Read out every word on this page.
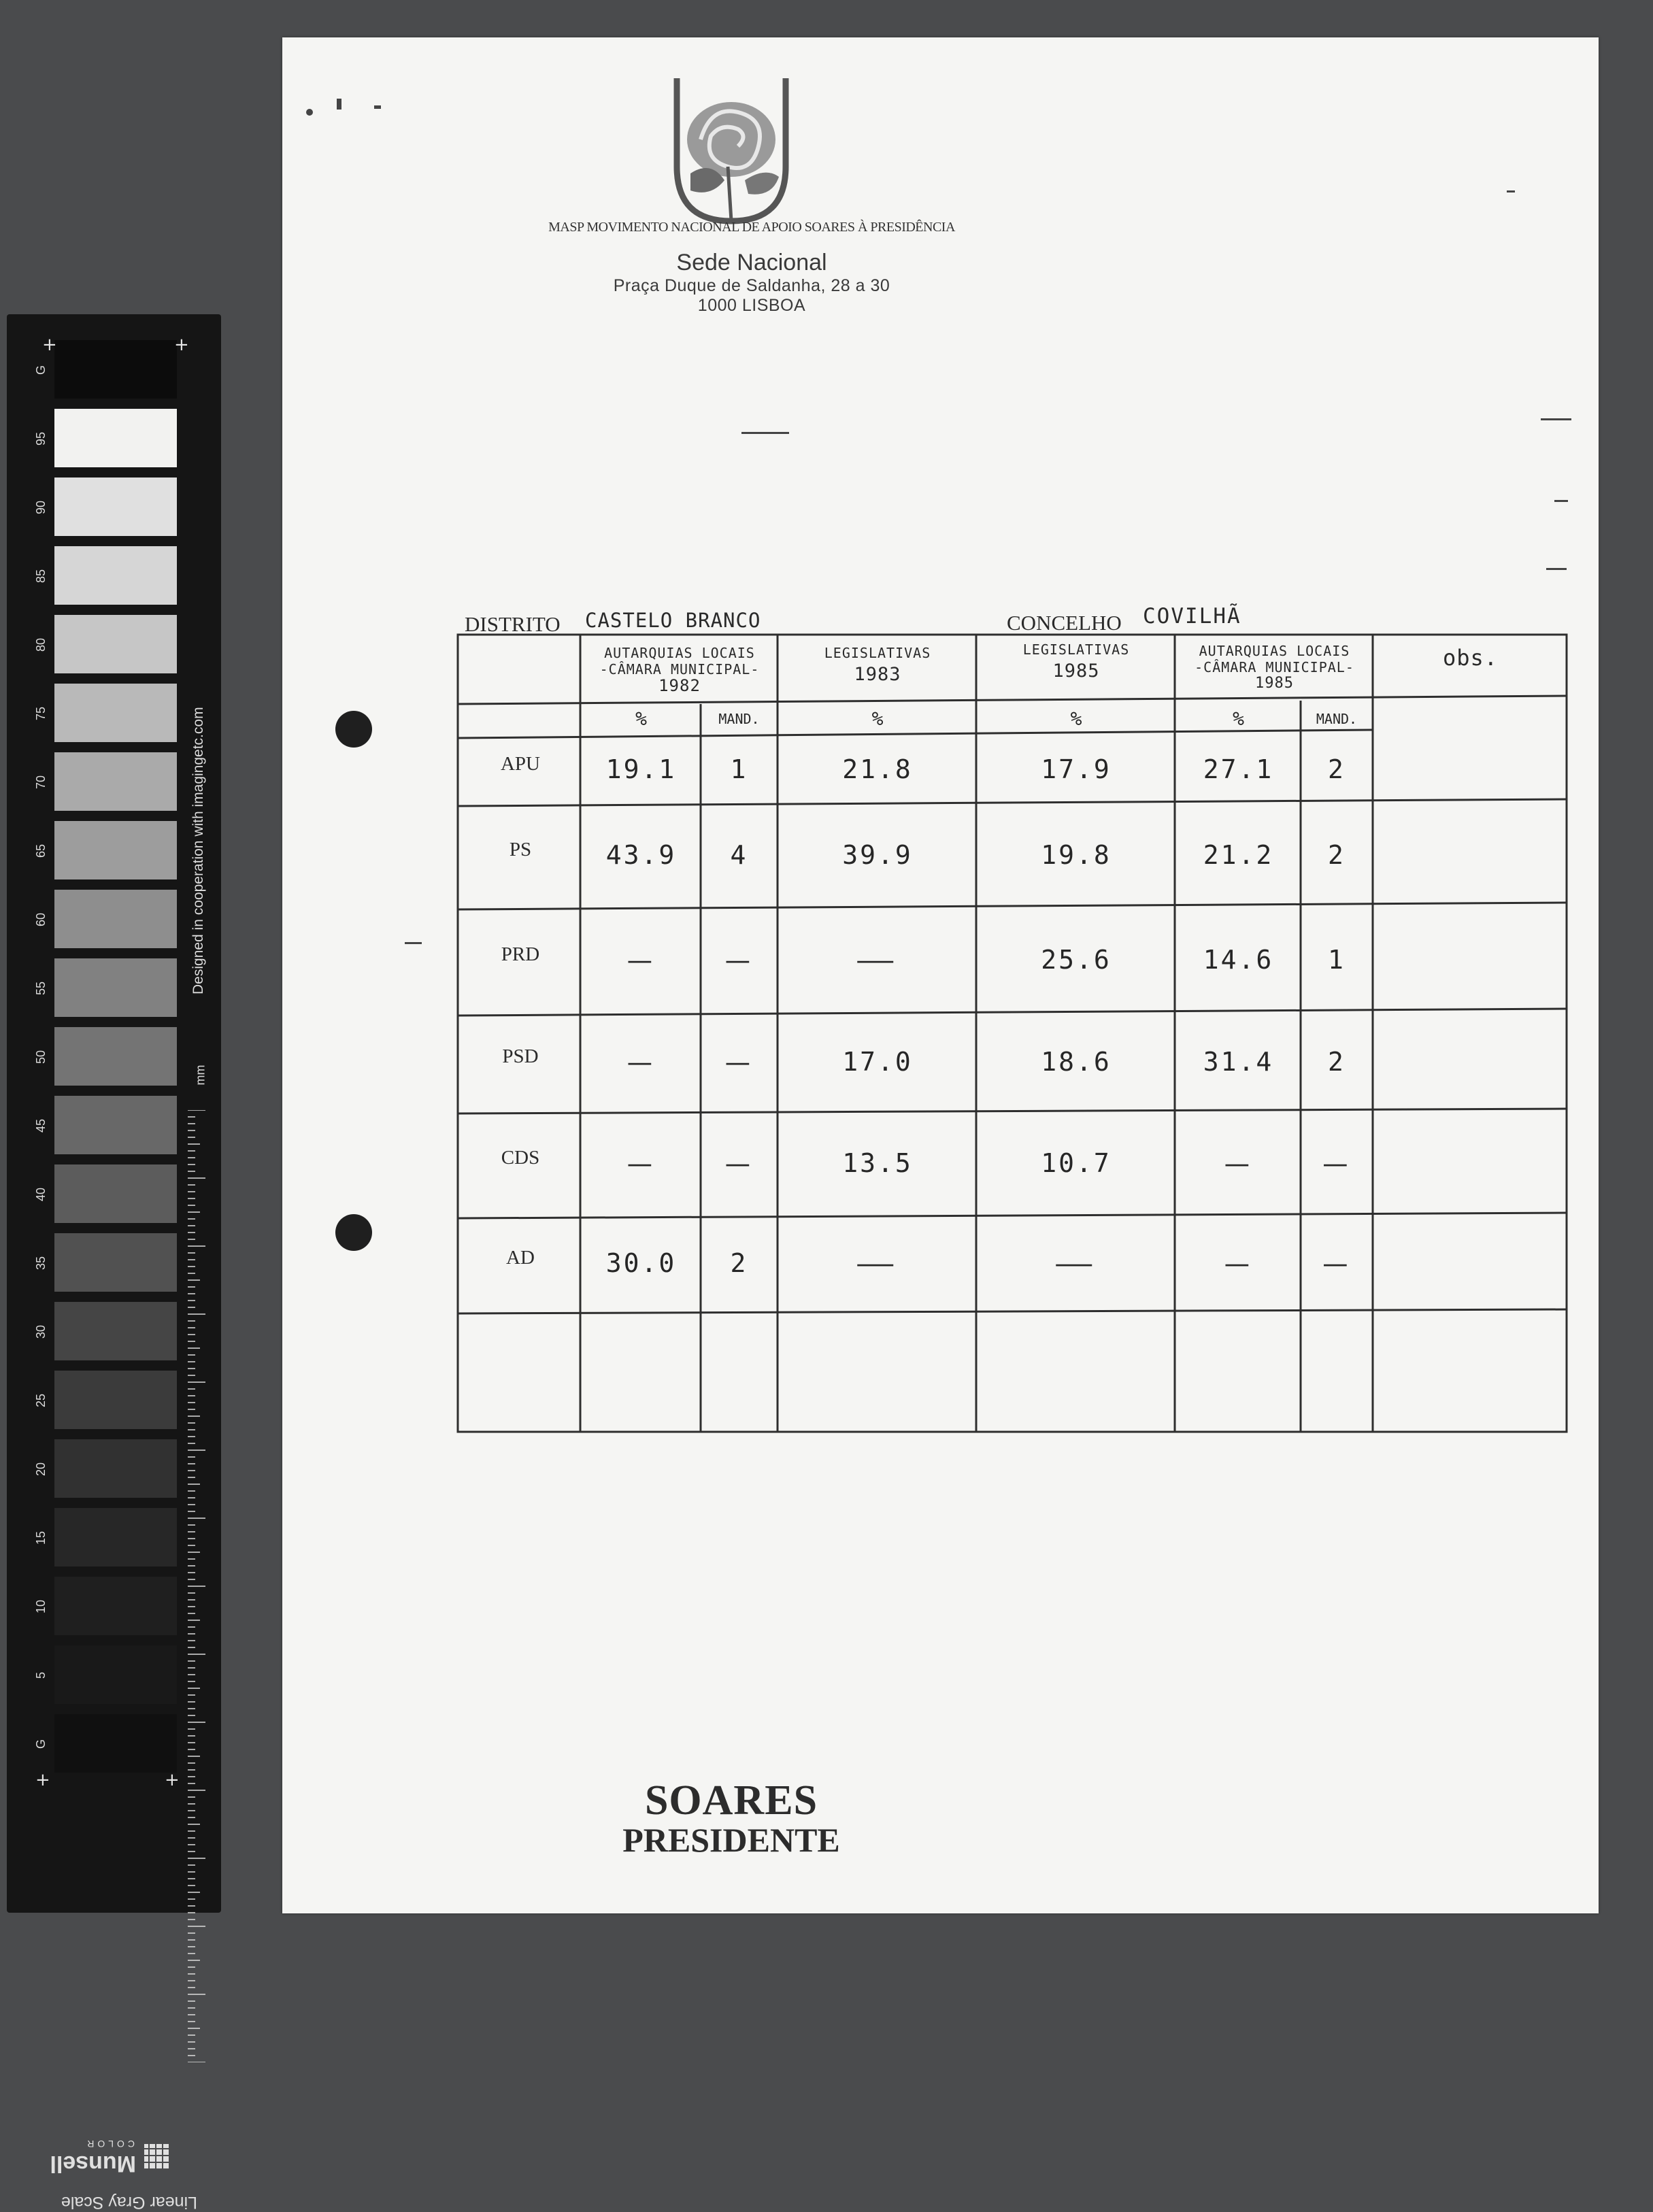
G
95
90
85
80
75
70
65
60
55
50
45
40
35
30
25
20
15
10
5
G
+	+
+	+
Designed in cooperation with imagingetc.com
mm
Linear Gray Scale
Munsell
COLOR
MASP MOVIMENTO NACIONAL DE APOIO SOARES À PRESIDÊNCIA
Sede Nacional
Praça Duque de Saldanha, 28 a 30
1000 LISBOA
DISTRITO CASTELO BRANCO	CONCELHO COVILHÃ
AUTARQUIAS LOCAIS
-CÂMARA MUNICIPAL-
1982
LEGISLATIVAS
1983
LEGISLATIVAS
1985
AUTARQUIAS LOCAIS
-CÂMARA MUNICIPAL-
1985
obs.
%	MAND.	%	%	%	MAND.
APU	19.1	1	21.8	17.9	27.1	2
PS	43.9	4	39.9	19.8	21.2	2
PRD	—	—	—	25.6	14.6	1
PSD	—	—	17.0	18.6	31.4	2
CDS	—	—	13.5	10.7	—	—
AD	30.0	2	—	—	—	—
SOARES
PRESIDENTE
